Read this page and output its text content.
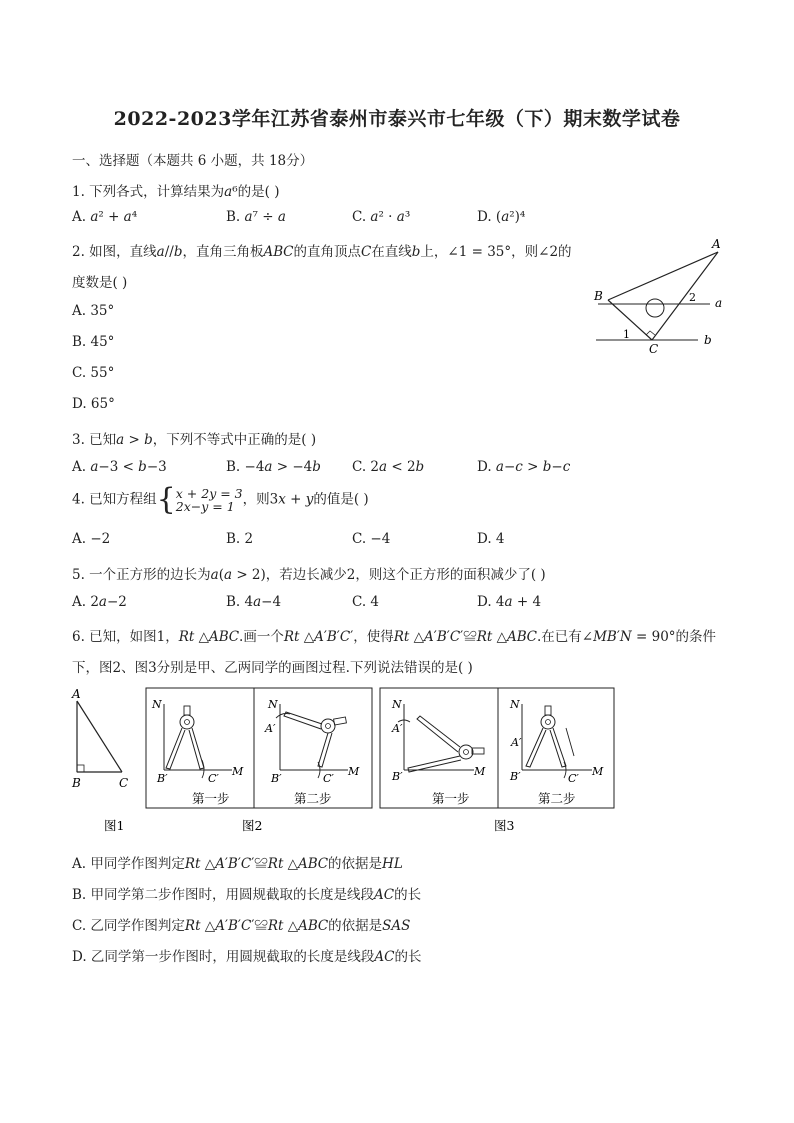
2022-2023学年江苏省泰州市泰兴市七年级（下）期末数学试卷
一、选择题（本题共 6 小题，共 18分）
1. 下列各式，计算结果为𝑎⁶的是( )
A. 𝑎² + 𝑎⁴	B. 𝑎⁷ ÷ 𝑎	C. 𝑎² · 𝑎³	D. (𝑎²)⁴
2. 如图，直线𝑎//𝑏，直角三角板𝐴𝐵𝐶的直角顶点𝐶在直线𝑏上，∠1 = 35°，则∠2的
度数是( )
A. 35°
B. 45°
C. 55°
D. 65°
A
B
C
a
b
1
2
3. 已知𝑎 > 𝑏，下列不等式中正确的是( )
A. 𝑎−3 < 𝑏−3	B. −4𝑎 > −4𝑏 C. 2𝑎 < 2𝑏	D. 𝑎−𝑐 > 𝑏−𝑐
4. 已知方程组{ 𝑥 + 2𝑦 = 3
2𝑥−𝑦 = 1 ，则3𝑥 + 𝑦的值是( )
A. −2	B. 2	C. −4	D. 4
5. 一个正方形的边长为𝑎(𝑎 > 2)，若边长减少2，则这个正方形的面积减少了( )
A. 2𝑎−2	B. 4𝑎−4	C. 4	D. 4𝑎 + 4
6. 已知，如图1，𝑅𝑡 △𝐴𝐵𝐶.画一个𝑅𝑡 △𝐴′𝐵′𝐶′，使得𝑅𝑡 △𝐴′𝐵′𝐶′≌𝑅𝑡 △𝐴𝐵𝐶.在已有∠𝑀𝐵′𝑁 = 90°的条件
下，图2、图3分别是甲、乙两同学的画图过程.下列说法错误的是( )
A
B	C
图1
N
M
B′	C′
N
M
B′	C′
A′
第一步	第二步
图2
N
M
B′
A′
N
M
B′
A′
C′
第一步	第二步
图3
A. 甲同学作图判定𝑅𝑡 △𝐴′𝐵′𝐶′≌𝑅𝑡 △𝐴𝐵𝐶的依据是𝐻𝐿
B. 甲同学第二步作图时，用圆规截取的长度是线段𝐴𝐶的长
C. 乙同学作图判定𝑅𝑡 △𝐴′𝐵′𝐶′≌𝑅𝑡 △𝐴𝐵𝐶的依据是𝑆𝐴𝑆
D. 乙同学第一步作图时，用圆规截取的长度是线段𝐴𝐶的长
